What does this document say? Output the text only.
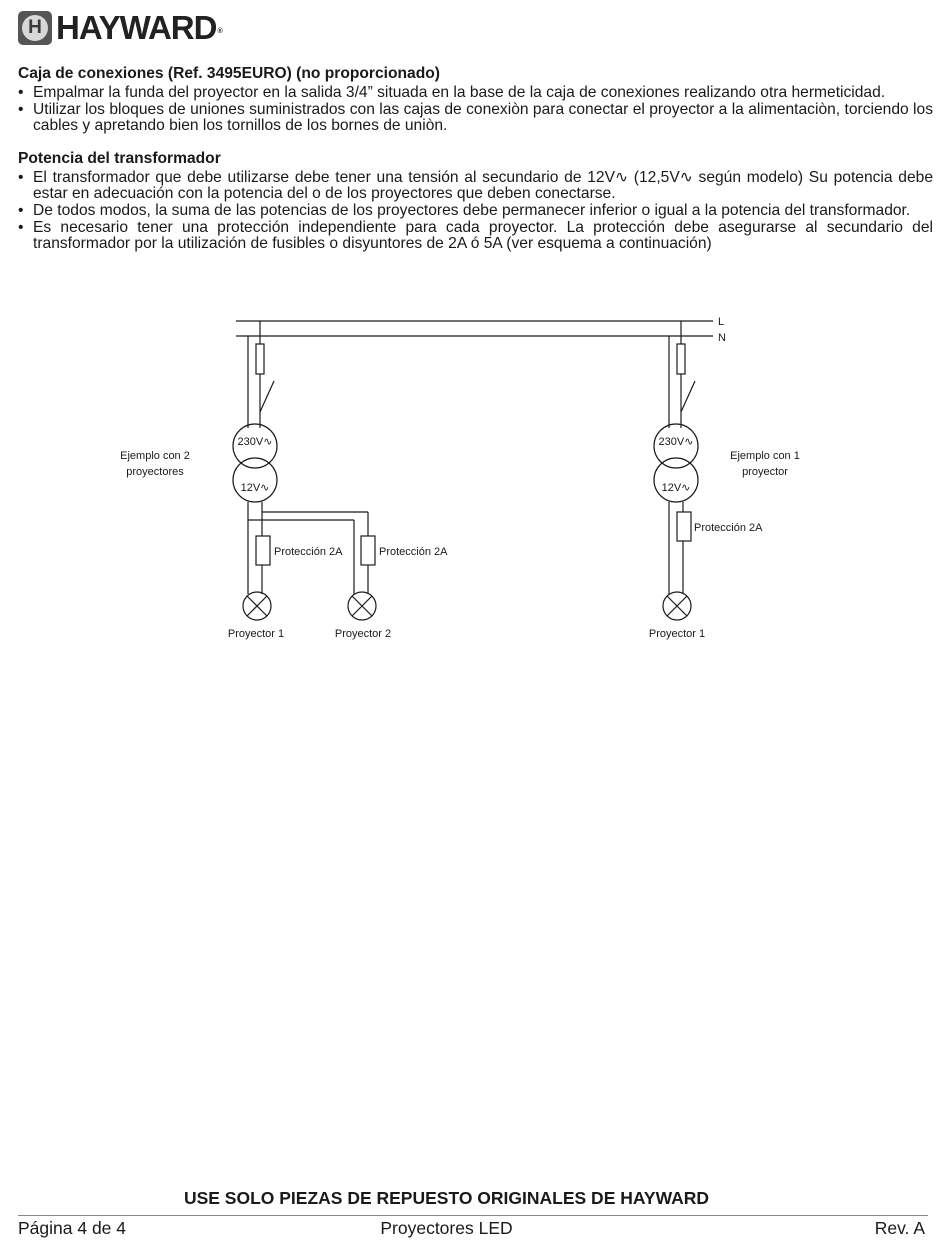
H HAYWARD®
Caja de conexiones (Ref. 3495EURO) (no proporcionado)
• Empalmar la funda del proyector en la salida 3/4” situada en la base de la caja de conexiones realizando otra hermeticidad.
• Utilizar los bloques de uniones suministrados con las cajas de conexiòn para conectar el proyector a la alimentaciòn, torciendo los cables y apretando bien los tornillos de los bornes de uniòn.
Potencia del transformador
• El transformador que debe utilizarse debe tener una tensión al secundario de 12V∿ (12,5V∿ según modelo) Su potencia debe estar en adecuación con la potencia del o de los proyectores que deben conectarse.
• De todos modos, la suma de las potencias de los proyectores debe permanecer inferior o igual a la potencia del transformador.
• Es necesario tener una protección independiente para cada proyector. La protección debe asegurarse al secundario del transformador por la utilización de fusibles o disyuntores de 2A ó 5A (ver esquema a continuación)
L
N
Ejemplo con 2
proyectores
230V∿
12V∿
Protección 2A	Protección 2A
Proyector 1	Proyector 2
Ejemplo con 1
proyector
230V∿
12V∿
Protección 2A
Proyector 1
USE SOLO PIEZAS DE REPUESTO ORIGINALES DE HAYWARD
Página 4 de 4	Proyectores LED	Rev. A
